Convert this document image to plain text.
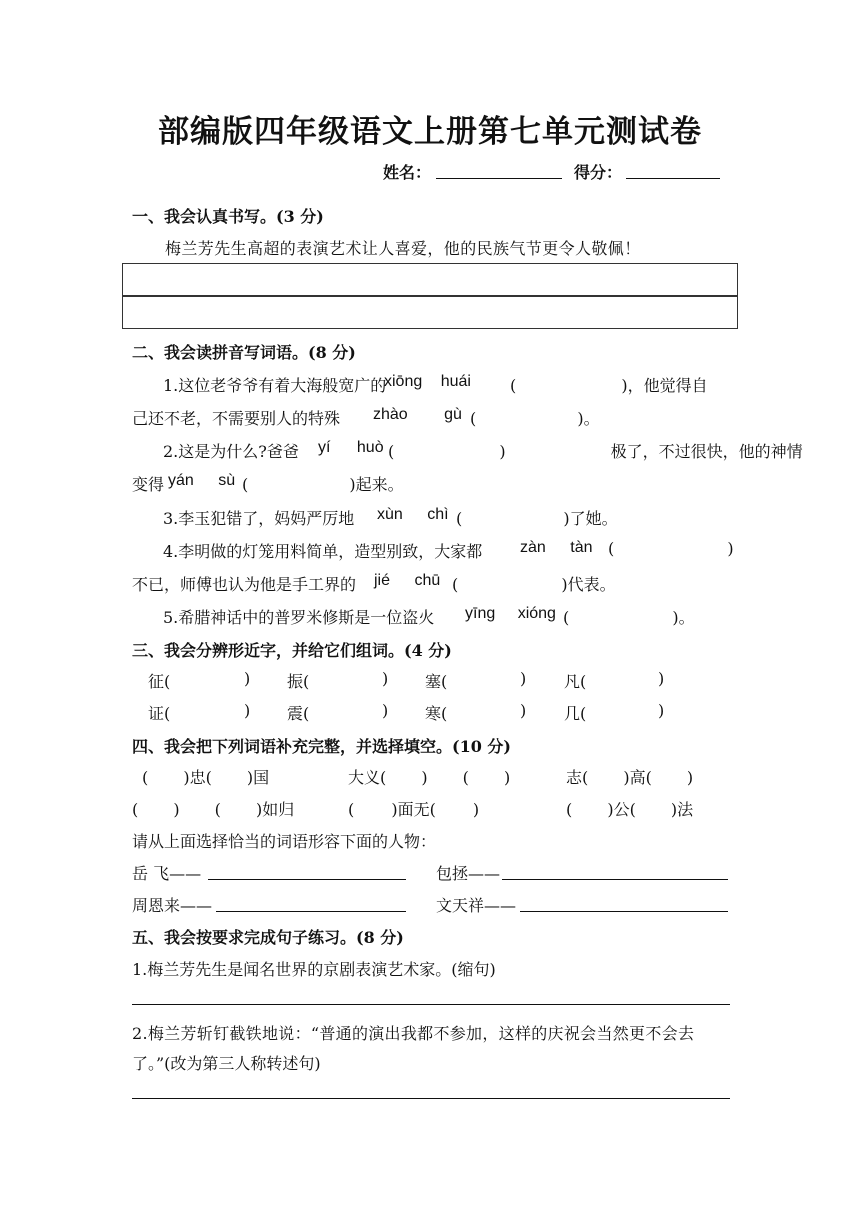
部编版四年级语文上册第七单元测试卷
姓名：	得分：
一、我会认真书写。(3 分)
梅兰芳先生高超的表演艺术让人喜爱，他的民族气节更令人敬佩！
二、我会读拼音写词语。(8 分)
1.这位老爷爷有着大海般宽广的
xiōng huái ( )，他觉得自
己还不老，不需要别人的特殊 zhào gù ( )。
2.这是为什么?爸爸 yí huò ( ) 极了，不过很快，他的神情
变得 yán sù ( )起来。
3.李玉犯错了，妈妈严厉地 xùn chì ( )了她。
4.李明做的灯笼用料简单，造型别致，大家都 zàn tàn ( )
不已，师傅也认为他是手工界的 jié chū ( )代表。
5.希腊神话中的普罗米修斯是一位盗火 yīng xióng ( )。
三、我会分辨形近字，并给它们组词。(4 分)
征(	) 振(	) 塞(	) 凡(	)
证(	) 震(	) 寒(	) 几(	)
四、我会把下列词语补充完整，并选择填空。(10 分)
( )忠( )国	大义( ) ( )	志( )高( )
( ) ( )如归	( )面无( )	( )公( )法
请从上面选择恰当的词语形容下面的人物：
岳 飞——	包拯——
周恩来——	文天祥——
五、我会按要求完成句子练习。(8 分)
1.梅兰芳先生是闻名世界的京剧表演艺术家。(缩句)
2.梅兰芳斩钉截铁地说：“普通的演出我都不参加，这样的庆祝会当然更不会去
了。”(改为第三人称转述句)
